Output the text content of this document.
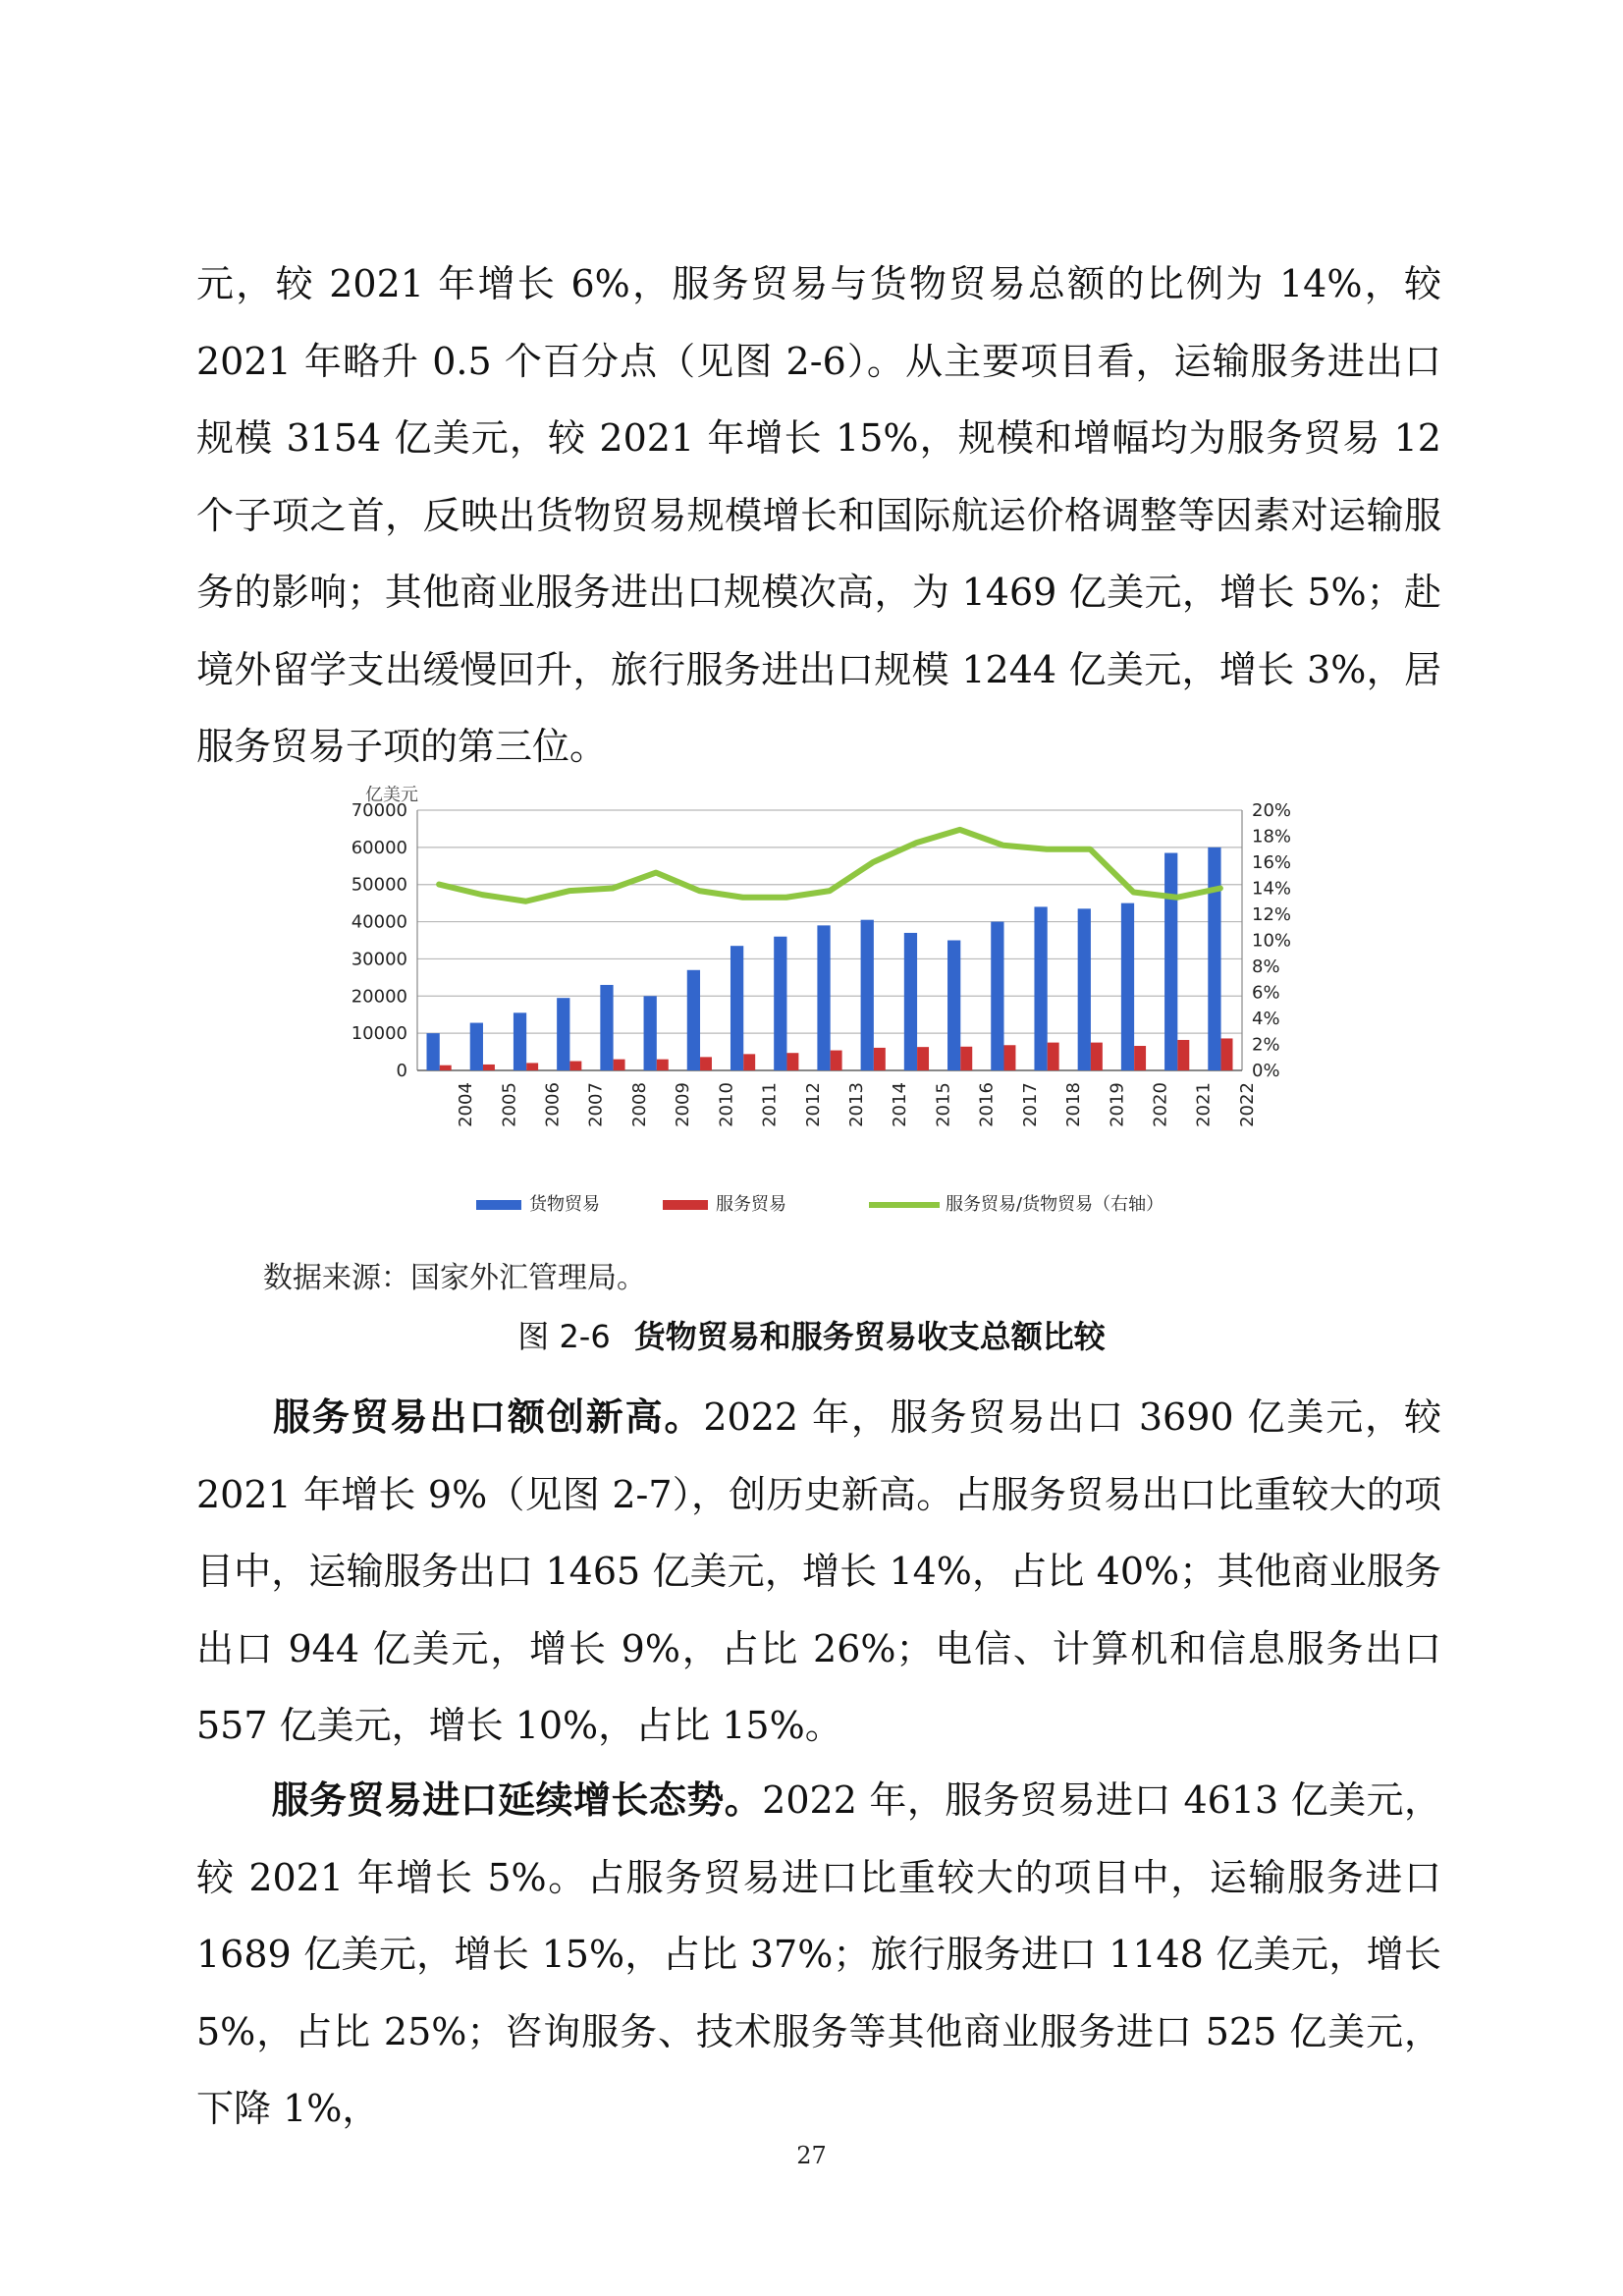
元，较 2021 年增长 6%，服务贸易与货物贸易总额的比例为 14%，较 2021 年略升 0.5 个百分点（见图 2-6）。从主要项目看，运输服务进出口规模 3154 亿美元，较 2021 年增长 15%，规模和增幅均为服务贸易 12 个子项之首，反映出货物贸易规模增长和国际航运价格调整等因素对运输服务的影响；其他商业服务进出口规模次高，为 1469 亿美元，增长 5%；赴境外留学支出缓慢回升，旅行服务进出口规模 1244 亿美元，增长 3%，居服务贸易子项的第三位。

0
10000
20000
30000
40000
50000
60000
70000
0%
2%
4%
6%
8%
10%
12%
14%
16%
18%
20%
亿美元
2004 2005 2006 2007 2008 2009 2010 2011 2012 2013 2014 2015 2016 2017 2018 2019 2020 2021 2022
货物贸易	服务贸易	服务贸易/货物贸易（右轴）

数据来源：国家外汇管理局。

图 2-6 货物贸易和服务贸易收支总额比较

服务贸易出口额创新高。2022 年，服务贸易出口 3690 亿美元，较 2021 年增长 9%（见图 2-7），创历史新高。占服务贸易出口比重较大的项目中，运输服务出口 1465 亿美元，增长 14%，占比 40%；其他商业服务出口 944 亿美元，增长 9%，占比 26%；电信、计算机和信息服务出口 557 亿美元，增长 10%，占比 15%。

服务贸易进口延续增长态势。2022 年，服务贸易进口 4613 亿美元，较 2021 年增长 5%。占服务贸易进口比重较大的项目中，运输服务进口 1689 亿美元，增长 15%，占比 37%；旅行服务进口 1148 亿美元，增长 5%，占比 25%；咨询服务、技术服务等其他商业服务进口 525 亿美元，下降 1%，

27
